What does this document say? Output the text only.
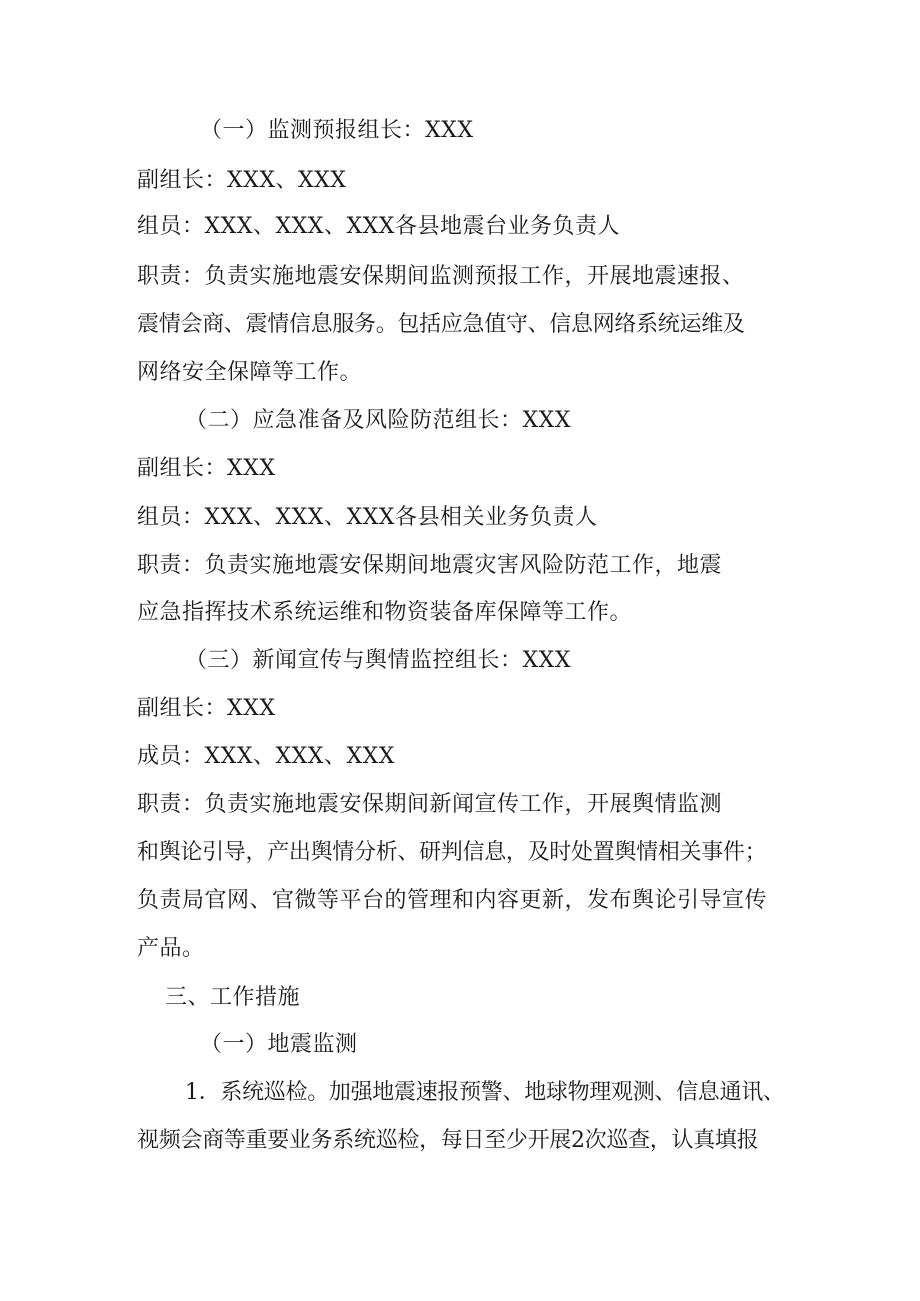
（一）监测预报组长：XXX
副组长：XXX、XXX
组员：XXX、XXX、XXX各县地震台业务负责人
职责：负责实施地震安保期间监测预报工作，开展地震速报、
震情会商、震情信息服务。包括应急值守、信息网络系统运维及
网络安全保障等工作。
（二）应急准备及风险防范组长：XXX
副组长：XXX
组员：XXX、XXX、XXX各县相关业务负责人
职责：负责实施地震安保期间地震灾害风险防范工作，地震
应急指挥技术系统运维和物资装备库保障等工作。
（三）新闻宣传与舆情监控组长：XXX
副组长：XXX
成员：XXX、XXX、XXX
职责：负责实施地震安保期间新闻宣传工作，开展舆情监测
和舆论引导，产出舆情分析、研判信息，及时处置舆情相关事件；
负责局官网、官微等平台的管理和内容更新，发布舆论引导宣传
产品。
三、工作措施
（一）地震监测
1．系统巡检。加强地震速报预警、地球物理观测、信息通讯、
视频会商等重要业务系统巡检，每日至少开展2次巡查，认真填报
